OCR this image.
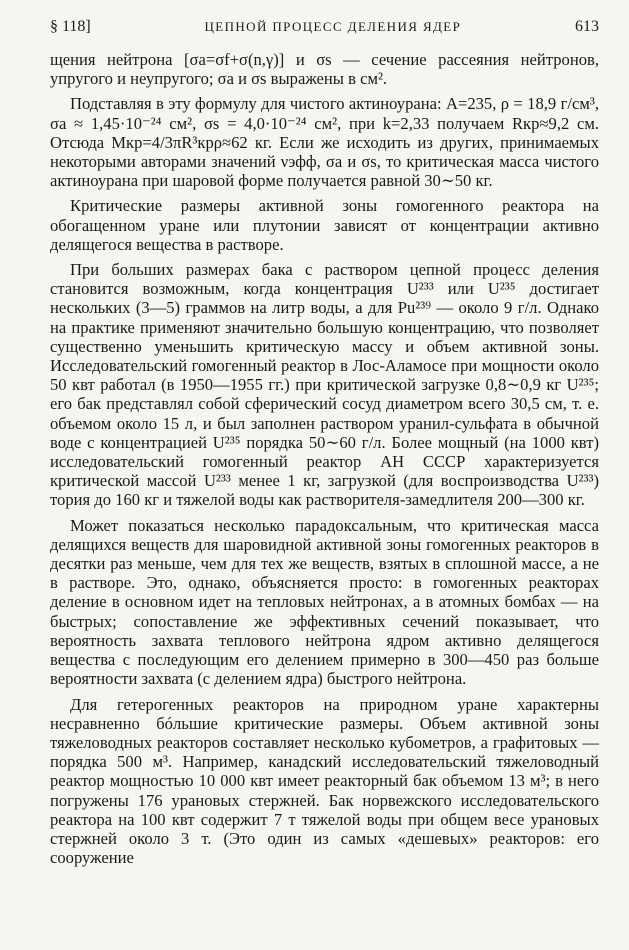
§ 118]	ЦЕПНОЙ ПРОЦЕСС ДЕЛЕНИЯ ЯДЕР	613

щения нейтрона [σa=σf+σ(n,γ)] и σs — сечение рассеяния нейтронов, упругого и неупругого; σa и σs выражены в см².

Подставляя в эту формулу для чистого актиноурана: A=235, ρ = 18,9 г/см³, σa ≈ 1,45·10⁻²⁴ см², σs = 4,0·10⁻²⁴ см², при k=2,33 получаем Rкр≈9,2 см. Отсюда Mкр=4/3πR³крρ≈62 кг. Если же исходить из других, принимаемых некоторыми авторами значений νэфф, σa и σs, то критическая масса чистого актиноурана при шаровой форме получается равной 30∼50 кг.

Критические размеры активной зоны гомогенного реактора на обогащенном уране или плутонии зависят от концентрации активно делящегося вещества в растворе.

При больших размерах бака с раствором цепной процесс деления становится возможным, когда концентрация U²³³ или U²³⁵ достигает нескольких (3—5) граммов на литр воды, а для Pu²³⁹ — около 9 г/л. Однако на практике применяют значительно большую концентрацию, что позволяет существенно уменьшить критическую массу и объем активной зоны. Исследовательский гомогенный реактор в Лос-Аламосе при мощности около 50 квт работал (в 1950—1955 гг.) при критической загрузке 0,8∼0,9 кг U²³⁵; его бак представлял собой сферический сосуд диаметром всего 30,5 см, т. е. объемом около 15 л, и был заполнен раствором уранил-сульфата в обычной воде с концентрацией U²³⁵ порядка 50∼60 г/л. Более мощный (на 1000 квт) исследовательский гомогенный реактор АН СССР характеризуется критической массой U²³³ менее 1 кг, загрузкой (для воспроизводства U²³³) тория до 160 кг и тяжелой воды как растворителя-замедлителя 200—300 кг.

Может показаться несколько парадоксальным, что критическая масса делящихся веществ для шаровидной активной зоны гомогенных реакторов в десятки раз меньше, чем для тех же веществ, взятых в сплошной массе, а не в растворе. Это, однако, объясняется просто: в гомогенных реакторах деление в основном идет на тепловых нейтронах, а в атомных бомбах — на быстрых; сопоставление же эффективных сечений показывает, что вероятность захвата теплового нейтрона ядром активно делящегося вещества с последующим его делением примерно в 300—450 раз больше вероятности захвата (с делением ядра) быстрого нейтрона.

Для гетерогенных реакторов на природном уране характерны несравненно бóльшие критические размеры. Объем активной зоны тяжеловодных реакторов составляет несколько кубометров, а графитовых — порядка 500 м³. Например, канадский исследовательский тяжеловодный реактор мощностью 10 000 квт имеет реакторный бак объемом 13 м³; в него погружены 176 урановых стержней. Бак норвежского исследовательского реактора на 100 квт содержит 7 т тяжелой воды при общем весе урановых стержней около 3 т. (Это один из самых «дешевых» реакторов: его сооружение
